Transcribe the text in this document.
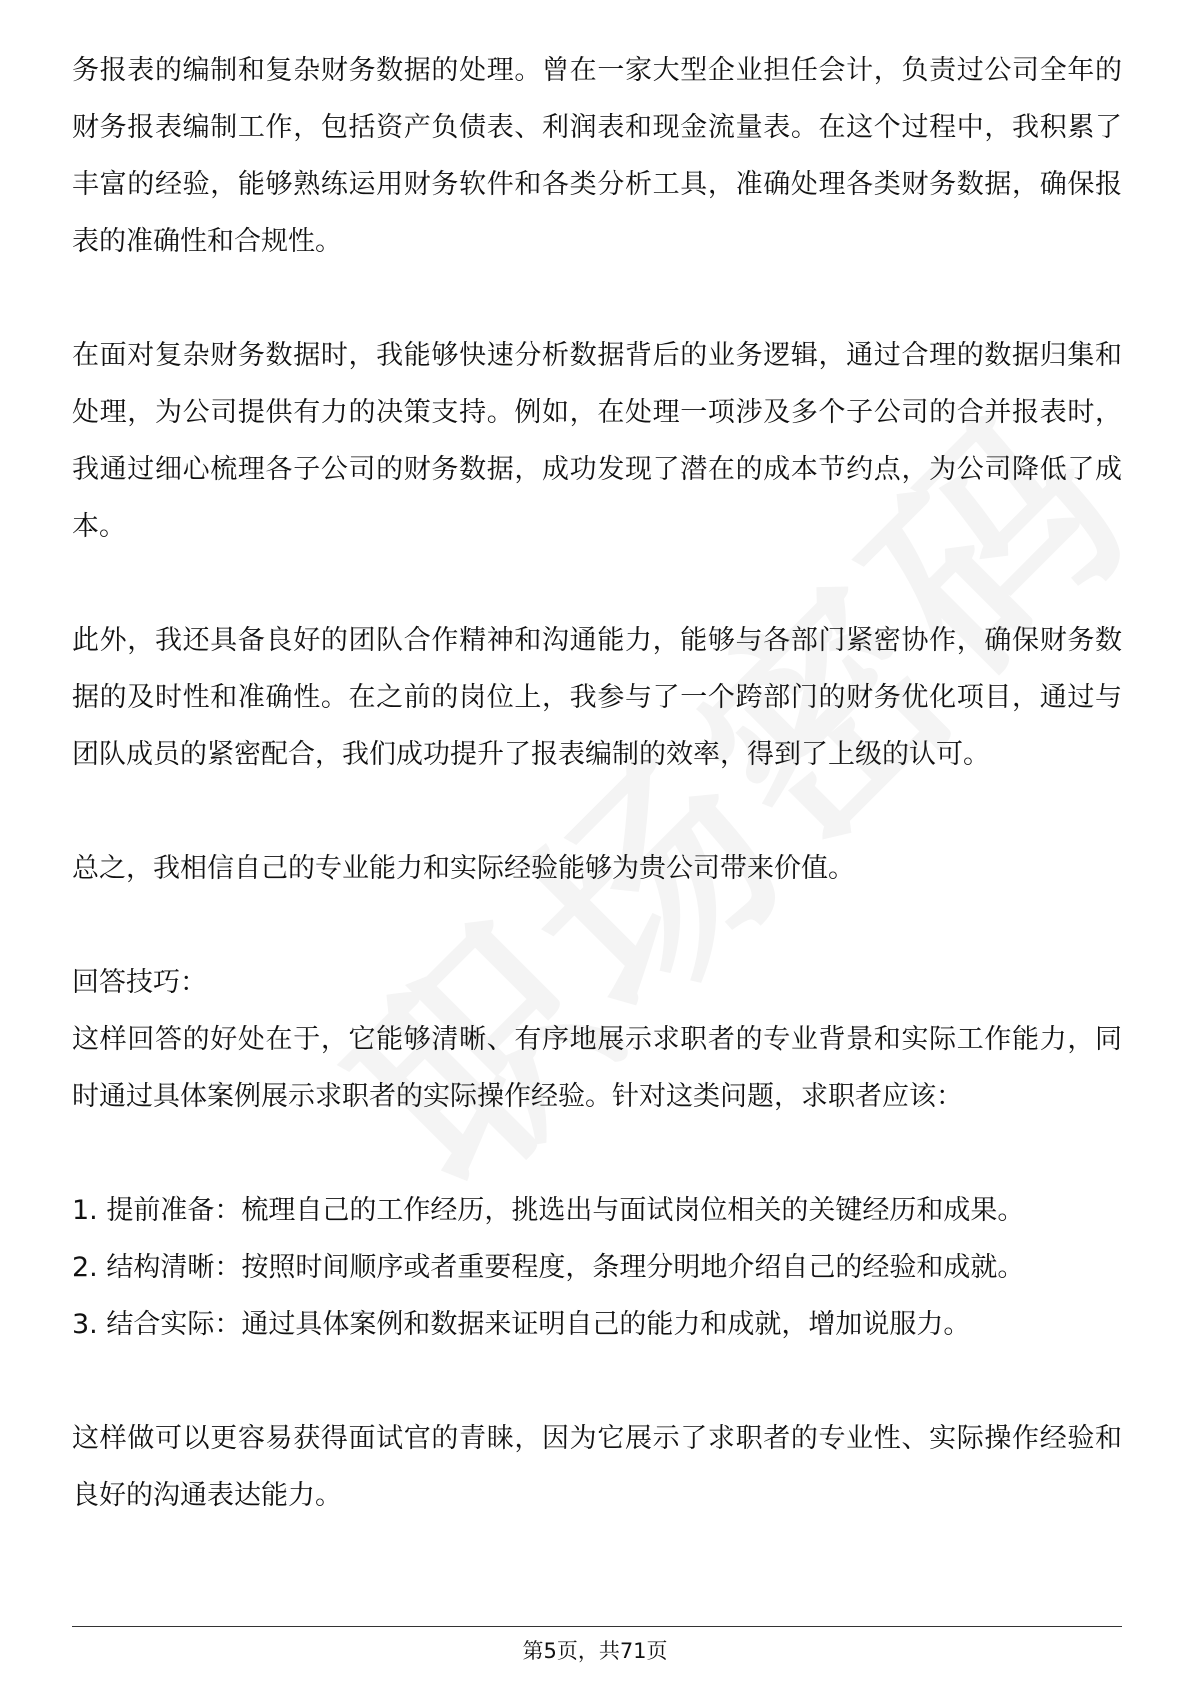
务报表的编制和复杂财务数据的处理。曾在一家大型企业担任会计，负责过公司全年的财务报表编制工作，包括资产负债表、利润表和现金流量表。在这个过程中，我积累了丰富的经验，能够熟练运用财务软件和各类分析工具，准确处理各类财务数据，确保报表的准确性和合规性。

在面对复杂财务数据时，我能够快速分析数据背后的业务逻辑，通过合理的数据归集和处理，为公司提供有力的决策支持。例如，在处理一项涉及多个子公司的合并报表时，我通过细心梳理各子公司的财务数据，成功发现了潜在的成本节约点，为公司降低了成本。

此外，我还具备良好的团队合作精神和沟通能力，能够与各部门紧密协作，确保财务数据的及时性和准确性。在之前的岗位上，我参与了一个跨部门的财务优化项目，通过与团队成员的紧密配合，我们成功提升了报表编制的效率，得到了上级的认可。

总之，我相信自己的专业能力和实际经验能够为贵公司带来价值。

回答技巧：

这样回答的好处在于，它能够清晰、有序地展示求职者的专业背景和实际工作能力，同时通过具体案例展示求职者的实际操作经验。针对这类问题，求职者应该：

1. 提前准备：梳理自己的工作经历，挑选出与面试岗位相关的关键经历和成果。

2. 结构清晰：按照时间顺序或者重要程度，条理分明地介绍自己的经验和成就。

3. 结合实际：通过具体案例和数据来证明自己的能力和成就，增加说服力。

这样做可以更容易获得面试官的青睐，因为它展示了求职者的专业性、实际操作经验和良好的沟通表达能力。

第5页，共71页
